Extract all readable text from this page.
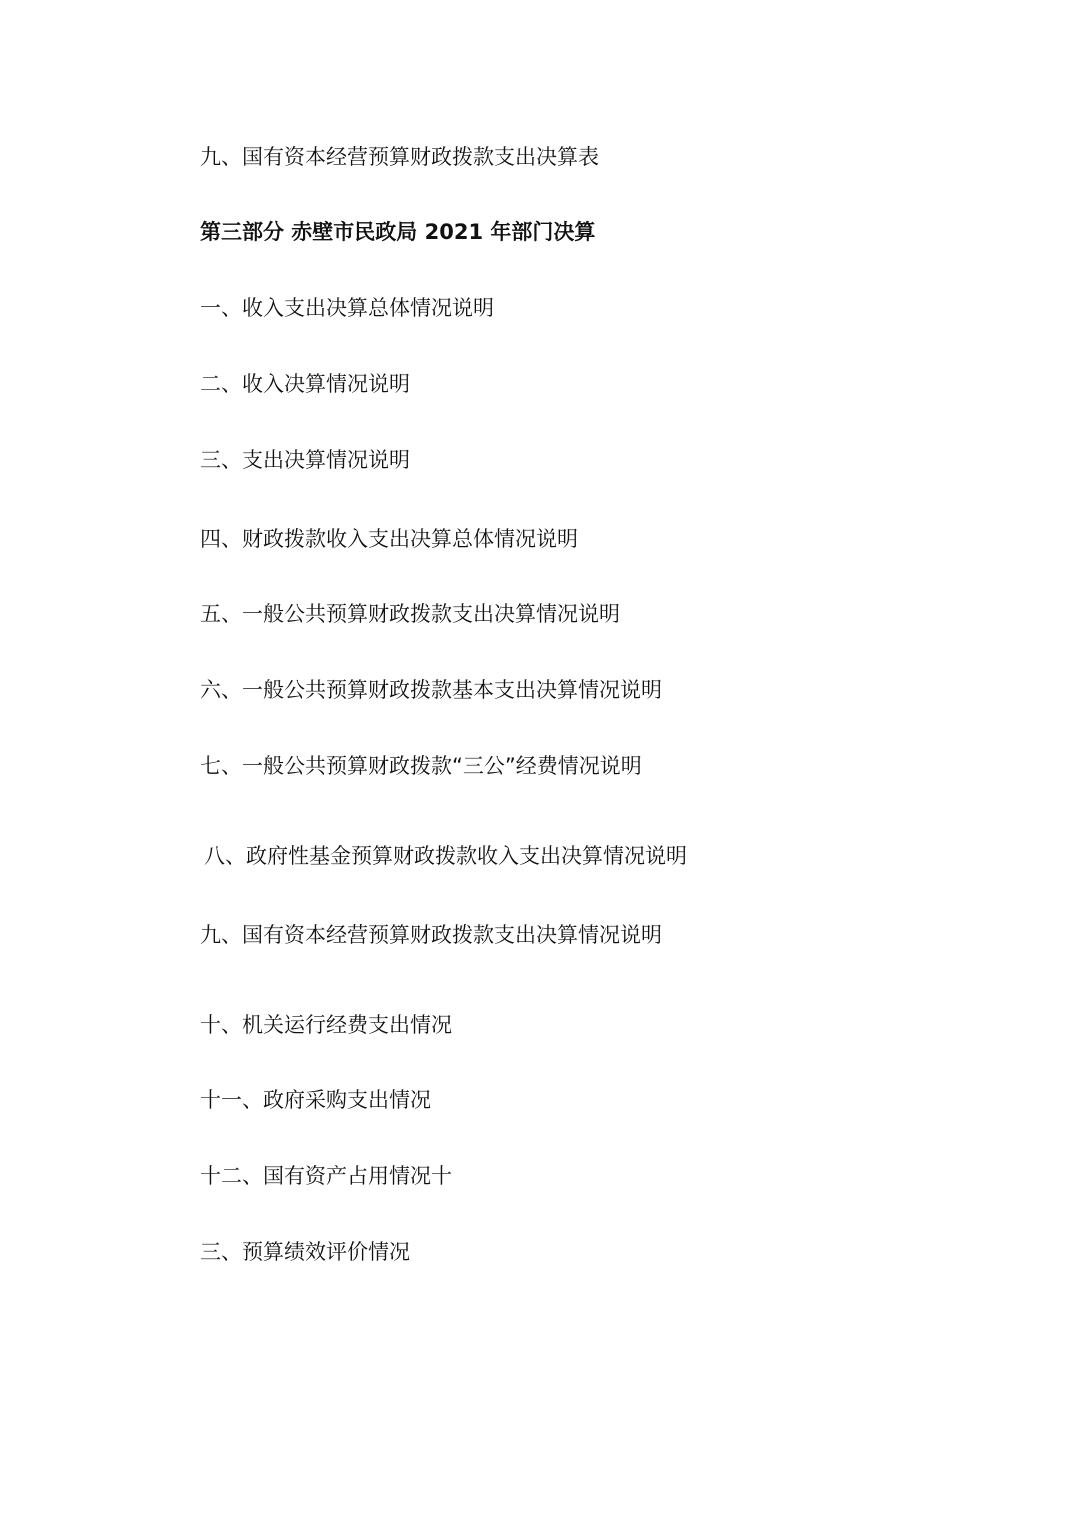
九、国有资本经营预算财政拨款支出决算表
第三部分 赤壁市民政局 2021 年部门决算
一、收入支出决算总体情况说明
二、收入决算情况说明
三、支出决算情况说明
四、财政拨款收入支出决算总体情况说明
五、一般公共预算财政拨款支出决算情况说明
六、一般公共预算财政拨款基本支出决算情况说明
七、一般公共预算财政拨款“三公”经费情况说明
八、政府性基金预算财政拨款收入支出决算情况说明
九、国有资本经营预算财政拨款支出决算情况说明
十、机关运行经费支出情况
十一、政府采购支出情况
十二、国有资产占用情况十
三、预算绩效评价情况
